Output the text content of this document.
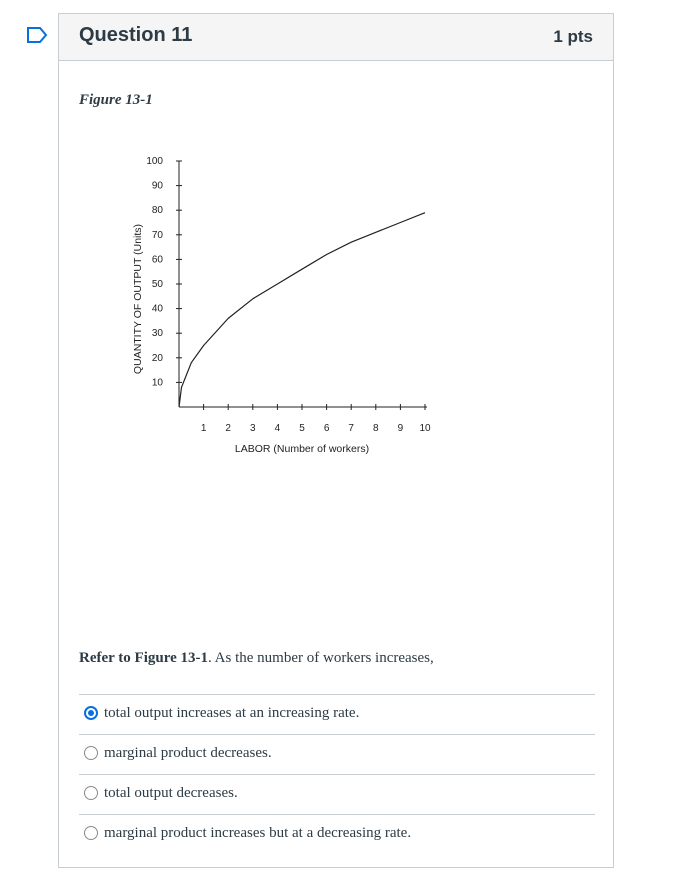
Question 11	1 pts
Figure 13-1
10
20
30
40
50
60
70
80
90
100
1 2 3 4 5 6 7 8 9 10
LABOR (Number of workers)
QUANTITY OF OUTPUT (Units)
Refer to Figure 13-1. As the number of workers increases,
total output increases at an increasing rate.
marginal product decreases.
total output decreases.
marginal product increases but at a decreasing rate.
